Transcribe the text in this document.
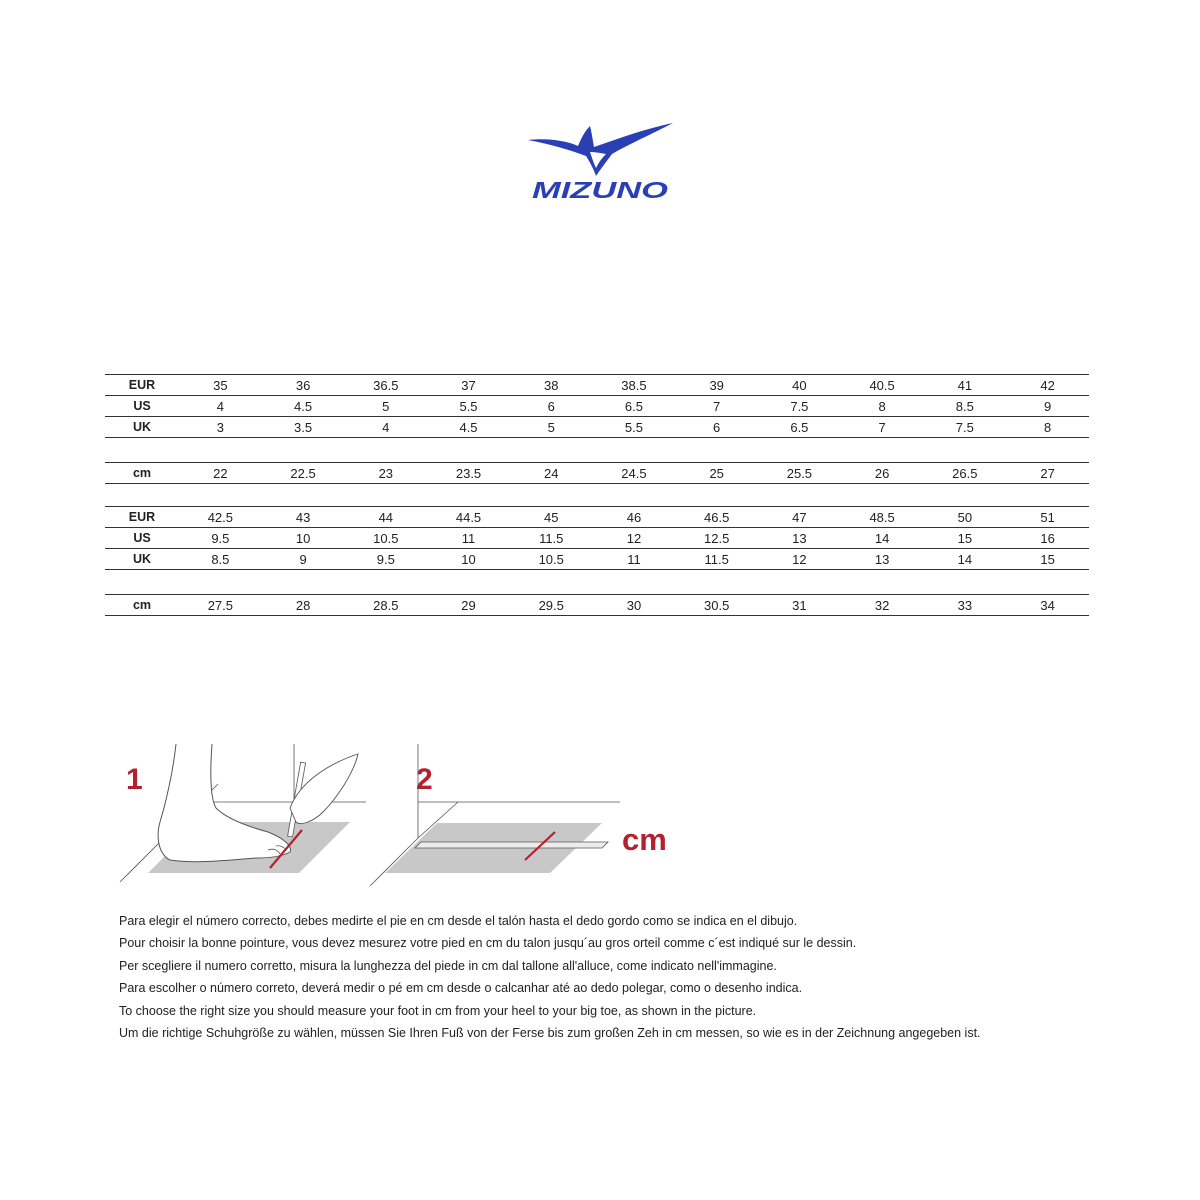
MIZUNO
EUR	35	36	36.5	37	38	38.5	39	40	40.5	41	42
US	4	4.5	5	5.5	6	6.5	7	7.5	8	8.5	9
UK	3	3.5	4	4.5	5	5.5	6	6.5	7	7.5	8
cm	22	22.5	23	23.5	24	24.5	25	25.5	26	26.5	27
EUR	42.5	43	44	44.5	45	46	46.5	47	48.5	50	51
US	9.5	10	10.5	11	11.5	12	12.5	13	14	15	16
UK	8.5	9	9.5	10	10.5	11	11.5	12	13	14	15
cm	27.5	28	28.5	29	29.5	30	30.5	31	32	33	34
1	2
cm
Para elegir el número correcto, debes medirte el pie en cm desde el talón hasta el dedo gordo como se indica en el dibujo.
Pour choisir la bonne pointure, vous devez mesurez votre pied en cm du talon jusqu´au gros orteil comme c´est indiqué sur le dessin.
Per scegliere il numero corretto, misura la lunghezza del piede in cm dal tallone all'alluce, come indicato nell'immagine.
Para escolher o número correto, deverá medir o pé em cm desde o calcanhar até ao dedo polegar, como o desenho indica.
To choose the right size you should measure your foot in cm from your heel to your big toe, as shown in the picture.
Um die richtige Schuhgröße zu wählen, müssen Sie Ihren Fuß von der Ferse bis zum großen Zeh in cm messen, so wie es in der Zeichnung angegeben ist.
